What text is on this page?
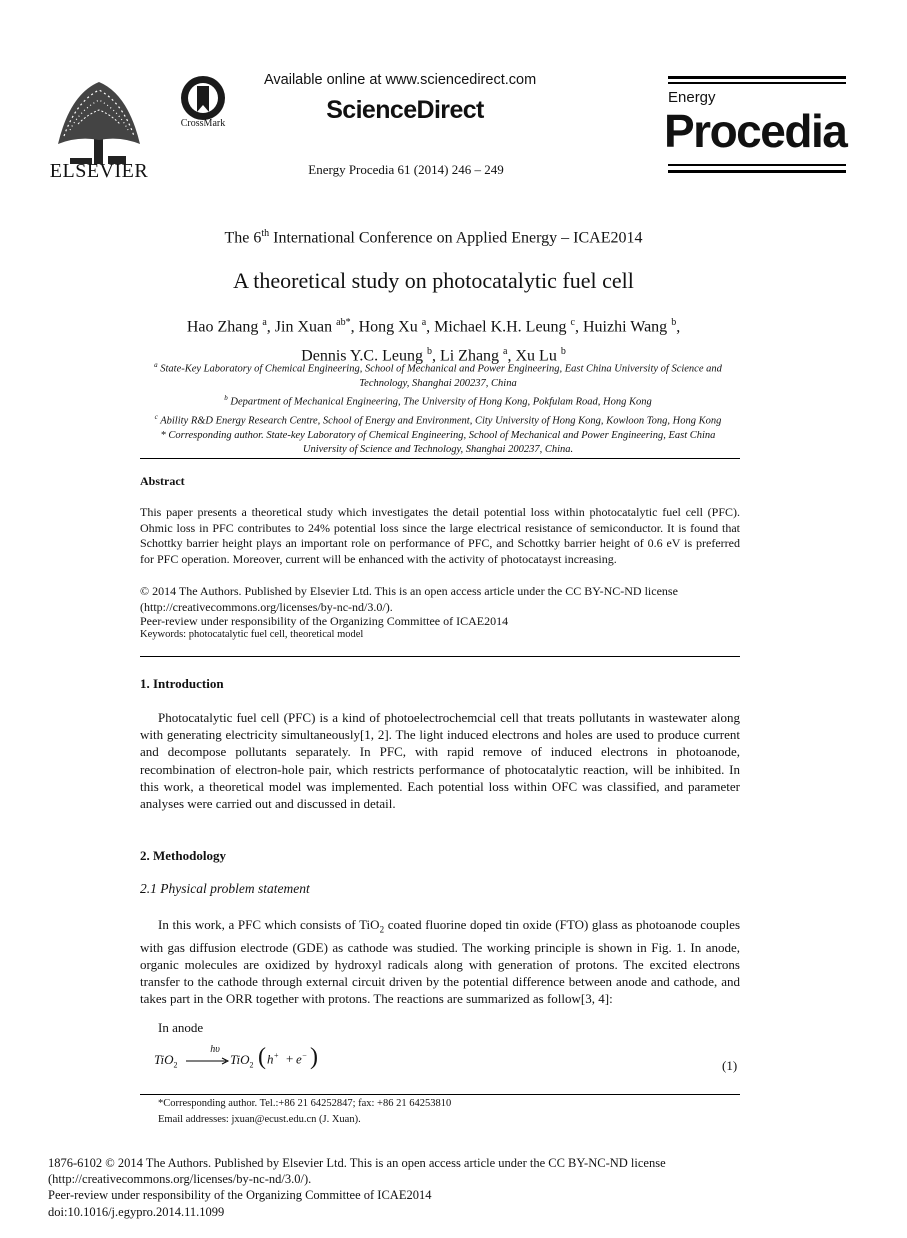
ELSEVIER
CrossMark
Available online at www.sciencedirect.com
ScienceDirect
Energy Procedia 61 (2014) 246 – 249
Energy
Procedia
The 6th International Conference on Applied Energy – ICAE2014
A theoretical study on photocatalytic fuel cell
Hao Zhang $^a$, Jin Xuan $^{ab*}$, Hong Xu $^a$, Michael K.H. Leung $^c$, Huizhi Wang $^b$,
Dennis Y.C. Leung $^b$, Li Zhang $^a$, Xu Lu $^b$
$^a$ State-Key Laboratory of Chemical Engineering, School of Mechanical and Power Engineering, East China University of Science and Technology, Shanghai 200237, China
$^b$ Department of Mechanical Engineering, The University of Hong Kong, Pokfulam Road, Hong Kong
$^c$ Ability R&D Energy Research Centre, School of Energy and Environment, City University of Hong Kong, Kowloon Tong, Hong Kong
* Corresponding author. State-key Laboratory of Chemical Engineering, School of Mechanical and Power Engineering, East China University of Science and Technology, Shanghai 200237, China.
Abstract
This paper presents a theoretical study which investigates the detail potential loss within photocatalytic fuel cell (PFC). Ohmic loss in PFC contributes to 24% potential loss since the large electrical resistance of semiconductor. It is found that Schottky barrier height plays an important role on performance of PFC, and Schottky barrier height of 0.6 eV is preferred for PFC operation. Moreover, current will be enhanced with the activity of photocatayst increasing.
© 2014 The Authors. Published by Elsevier Ltd. This is an open access article under the CC BY-NC-ND license (http://creativecommons.org/licenses/by-nc-nd/3.0/).
Peer-review under responsibility of the Organizing Committee of ICAE2014
Keywords: photocatalytic fuel cell, theoretical model
1. Introduction
Photocatalytic fuel cell (PFC) is a kind of photoelectrochemcial cell that treats pollutants in wastewater along with generating electricity simultaneously[1, 2]. The light induced electrons and holes are used to produce current and decompose pollutants separately. In PFC, with rapid remove of induced electrons in photoanode, recombination of electron-hole pair, which restricts performance of photocatalytic reaction, will be inhibited. In this work, a theoretical model was implemented. Each potential loss within OFC was classified, and parameter analyses were carried out and discussed in detail.
2. Methodology
2.1 Physical problem statement
In this work, a PFC which consists of TiO$_2$ coated fluorine doped tin oxide (FTO) glass as photoanode couples with gas diffusion electrode (GDE) as cathode was studied. The working principle is shown in Fig. 1. In anode, organic molecules are oxidized by hydroxyl radicals along with generation of protons. The excited electrons transfer to the cathode through external circuit driven by the potential difference between anode and cathode, and takes part in the ORR together with protons. The reactions are summarized as follow[3, 4]:
In anode
TiO$_2$
hυ
→ TiO$_2$ ( h+ + e− )	(1)
*Corresponding author. Tel.:+86 21 64252847; fax: +86 21 64253810
Email addresses: jxuan@ecust.edu.cn (J. Xuan).
1876-6102 © 2014 The Authors. Published by Elsevier Ltd. This is an open access article under the CC BY-NC-ND license
(http://creativecommons.org/licenses/by-nc-nd/3.0/).
Peer-review under responsibility of the Organizing Committee of ICAE2014
doi:10.1016/j.egypro.2014.11.1099
